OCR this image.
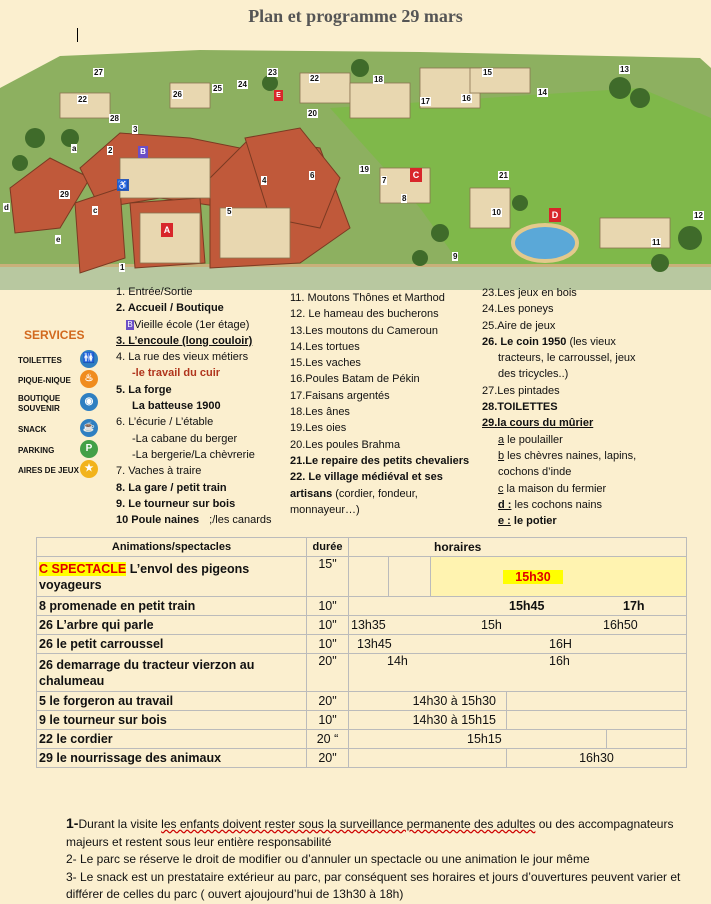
Plan et programme 29 mars
A
B
C
D
E
♿
27
22
26
25 24
23
22	18
15	13
28
3
20
17	16
14
a	2
4
6
19
21
7
1
5	12
10
11
9
d
29
c
e
8
1. Entrée/Sortie
2. Accueil / Boutique
BVieille école (1er étage)
3. L’encoule (long couloir)
4. La rue des vieux métiers
-le travail du cuir
5. La forge
La batteuse 1900
6. L’écurie / L’étable
-La cabane du berger
-La bergerie/La chèvrerie
7. Vaches à traire
8. La gare / petit train
9. Le tourneur sur bois
10 Poule naines ;/les canards
11. Moutons Thônes et Marthod
12. Le hameau des bucherons
13.Les moutons du Cameroun
14.Les tortues
15.Les vaches
16.Poules Batam de Pékin
17.Faisans argentés
18.Les ânes
19.Les oies
20.Les poules Brahma
21.Le repaire des petits chevaliers
22. Le village médiéval et ses
artisans (cordier, fondeur,
monnayeur…)
23.Les jeux en bois
24.Les poneys
25.Aire de jeux
26. Le coin 1950 (les vieux
tracteurs, le carroussel, jeux
des tricycles..)
27.Les pintades
28.TOILETTES
29.la cours du mûrier
a le poulailler
b les chèvres naines, lapins,
cochons d’inde
c la maison du fermier
d : les cochons nains
e : le potier
SERVICES
TOILETTES 🚻
PIQUE-NIQUE	♨
BOUTIQUE
SOUVENIR
◉
SNACK	☕
PARKING	P
AIRES DE JEUX ★
Animations/spectacles	durée	horaires				
C SPECTACLE L’envol des pigeons voyageurs	15"			15h30		

8 promenade en petit train	10"	15h45 17h				
26 L’arbre qui parle	10"	13h35 15h 16h50				
26 le petit carroussel	10"	13h45 16H				
26 demarrage du tracteur vierzon au chalumeau	20"	14h 16h				
5 le forgeron au travail	20"	14h30 à 15h30				
9 le tourneur sur bois	10"	14h30 à 15h15				
22 le cordier	20 “	15h15				
29 le nourrissage des animaux	20"				16h30	
1-Durant la visite les enfants doivent rester sous la surveillance permanente des adultes ou des accompagnateurs majeurs et restent sous leur entière responsabilité
2- Le parc se réserve le droit de modifier ou d’annuler un spectacle ou une animation le jour même
3- Le snack est un prestataire extérieur au parc, par conséquent ses horaires et jours d’ouvertures peuvent varier et différer de celles du parc ( ouvert ajoujourd’hui de 13h30 à 18h)
